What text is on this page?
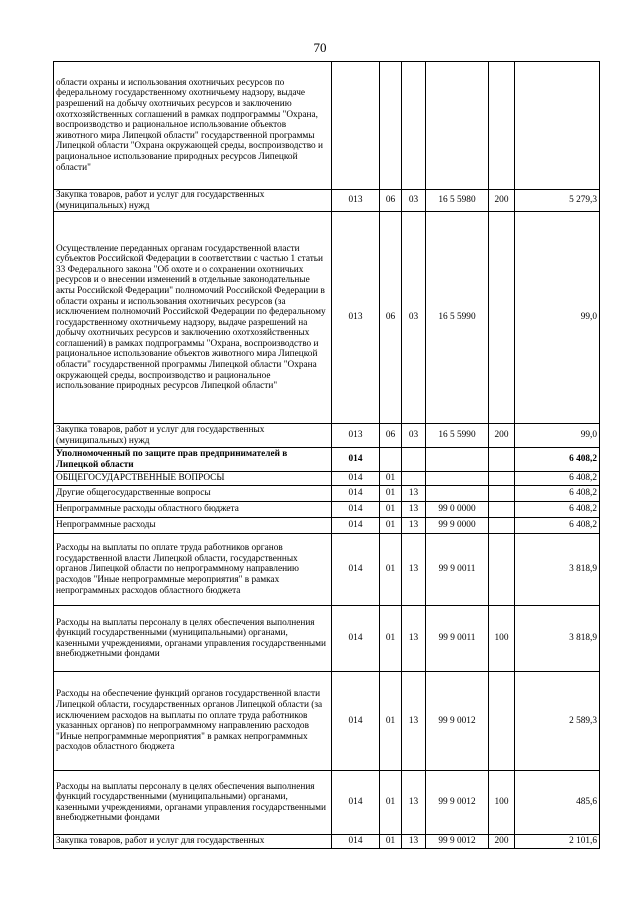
70
области охраны и использования охотничьих ресурсов по федеральному государственному охотничьему надзору, выдаче разрешений на добычу охотничьих ресурсов и заключению охотхозяйственных соглашений в рамках подпрограммы "Охрана, воспроизводство и рациональное использование объектов животного мира Липецкой области" государственной программы Липецкой области "Охрана окружающей среды, воспроизводство и рациональное использование природных ресурсов Липецкой области"						
Закупка товаров, работ и услуг для государственных (муниципальных) нужд	013	06	03	16 5 5980	200	5 279,3
Осуществление переданных органам государственной власти субъектов Российской Федерации в соответствии с частью 1 статьи 33 Федерального закона "Об охоте и о сохранении охотничьих ресурсов и о внесении изменений в отдельные законодательные акты Российской Федерации" полномочий Российской Федерации в области охраны и использования охотничьих ресурсов (за исключением полномочий Российской Федерации по федеральному государственному охотничьему надзору, выдаче разрешений на добычу охотничьих ресурсов и заключению охотхозяйственных соглашений) в рамках подпрограммы "Охрана, воспроизводство и рациональное использование объектов животного мира Липецкой области" государственной программы Липецкой области "Охрана окружающей среды, воспроизводство и рациональное использование природных ресурсов Липецкой области"	013	06	03	16 5 5990		99,0
Закупка товаров, работ и услуг для государственных (муниципальных) нужд	013	06	03	16 5 5990	200	99,0
Уполномоченный по защите прав предпринимателей в Липецкой области	014					6 408,2
ОБЩЕГОСУДАРСТВЕННЫЕ ВОПРОСЫ	014	01				6 408,2
Другие общегосударственные вопросы	014	01	13			6 408,2
Непрограммные расходы областного бюджета	014	01	13	99 0 0000		6 408,2
Непрограммные расходы	014	01	13	99 9 0000		6 408,2
Расходы на выплаты по оплате труда работников органов государственной власти Липецкой области, государственных органов Липецкой области по непрограммному направлению расходов "Иные непрограммные мероприятия" в рамках непрограммных расходов областного бюджета	014	01	13	99 9 0011		3 818,9
Расходы на выплаты персоналу в целях обеспечения выполнения функций государственными (муниципальными) органами, казенными учреждениями, органами управления государственными внебюджетными фондами	014	01	13	99 9 0011	100	3 818,9
Расходы на обеспечение функций органов государственной власти Липецкой области, государственных органов Липецкой области (за исключением расходов на выплаты по оплате труда работников указанных органов) по непрограммному направлению расходов "Иные непрограммные мероприятия" в рамках непрограммных расходов областного бюджета	014	01	13	99 9 0012		2 589,3
Расходы на выплаты персоналу в целях обеспечения выполнения функций государственными (муниципальными) органами, казенными учреждениями, органами управления государственными внебюджетными фондами	014	01	13	99 9 0012	100	485,6
Закупка товаров, работ и услуг для государственных	014	01	13	99 9 0012	200	2 101,6
